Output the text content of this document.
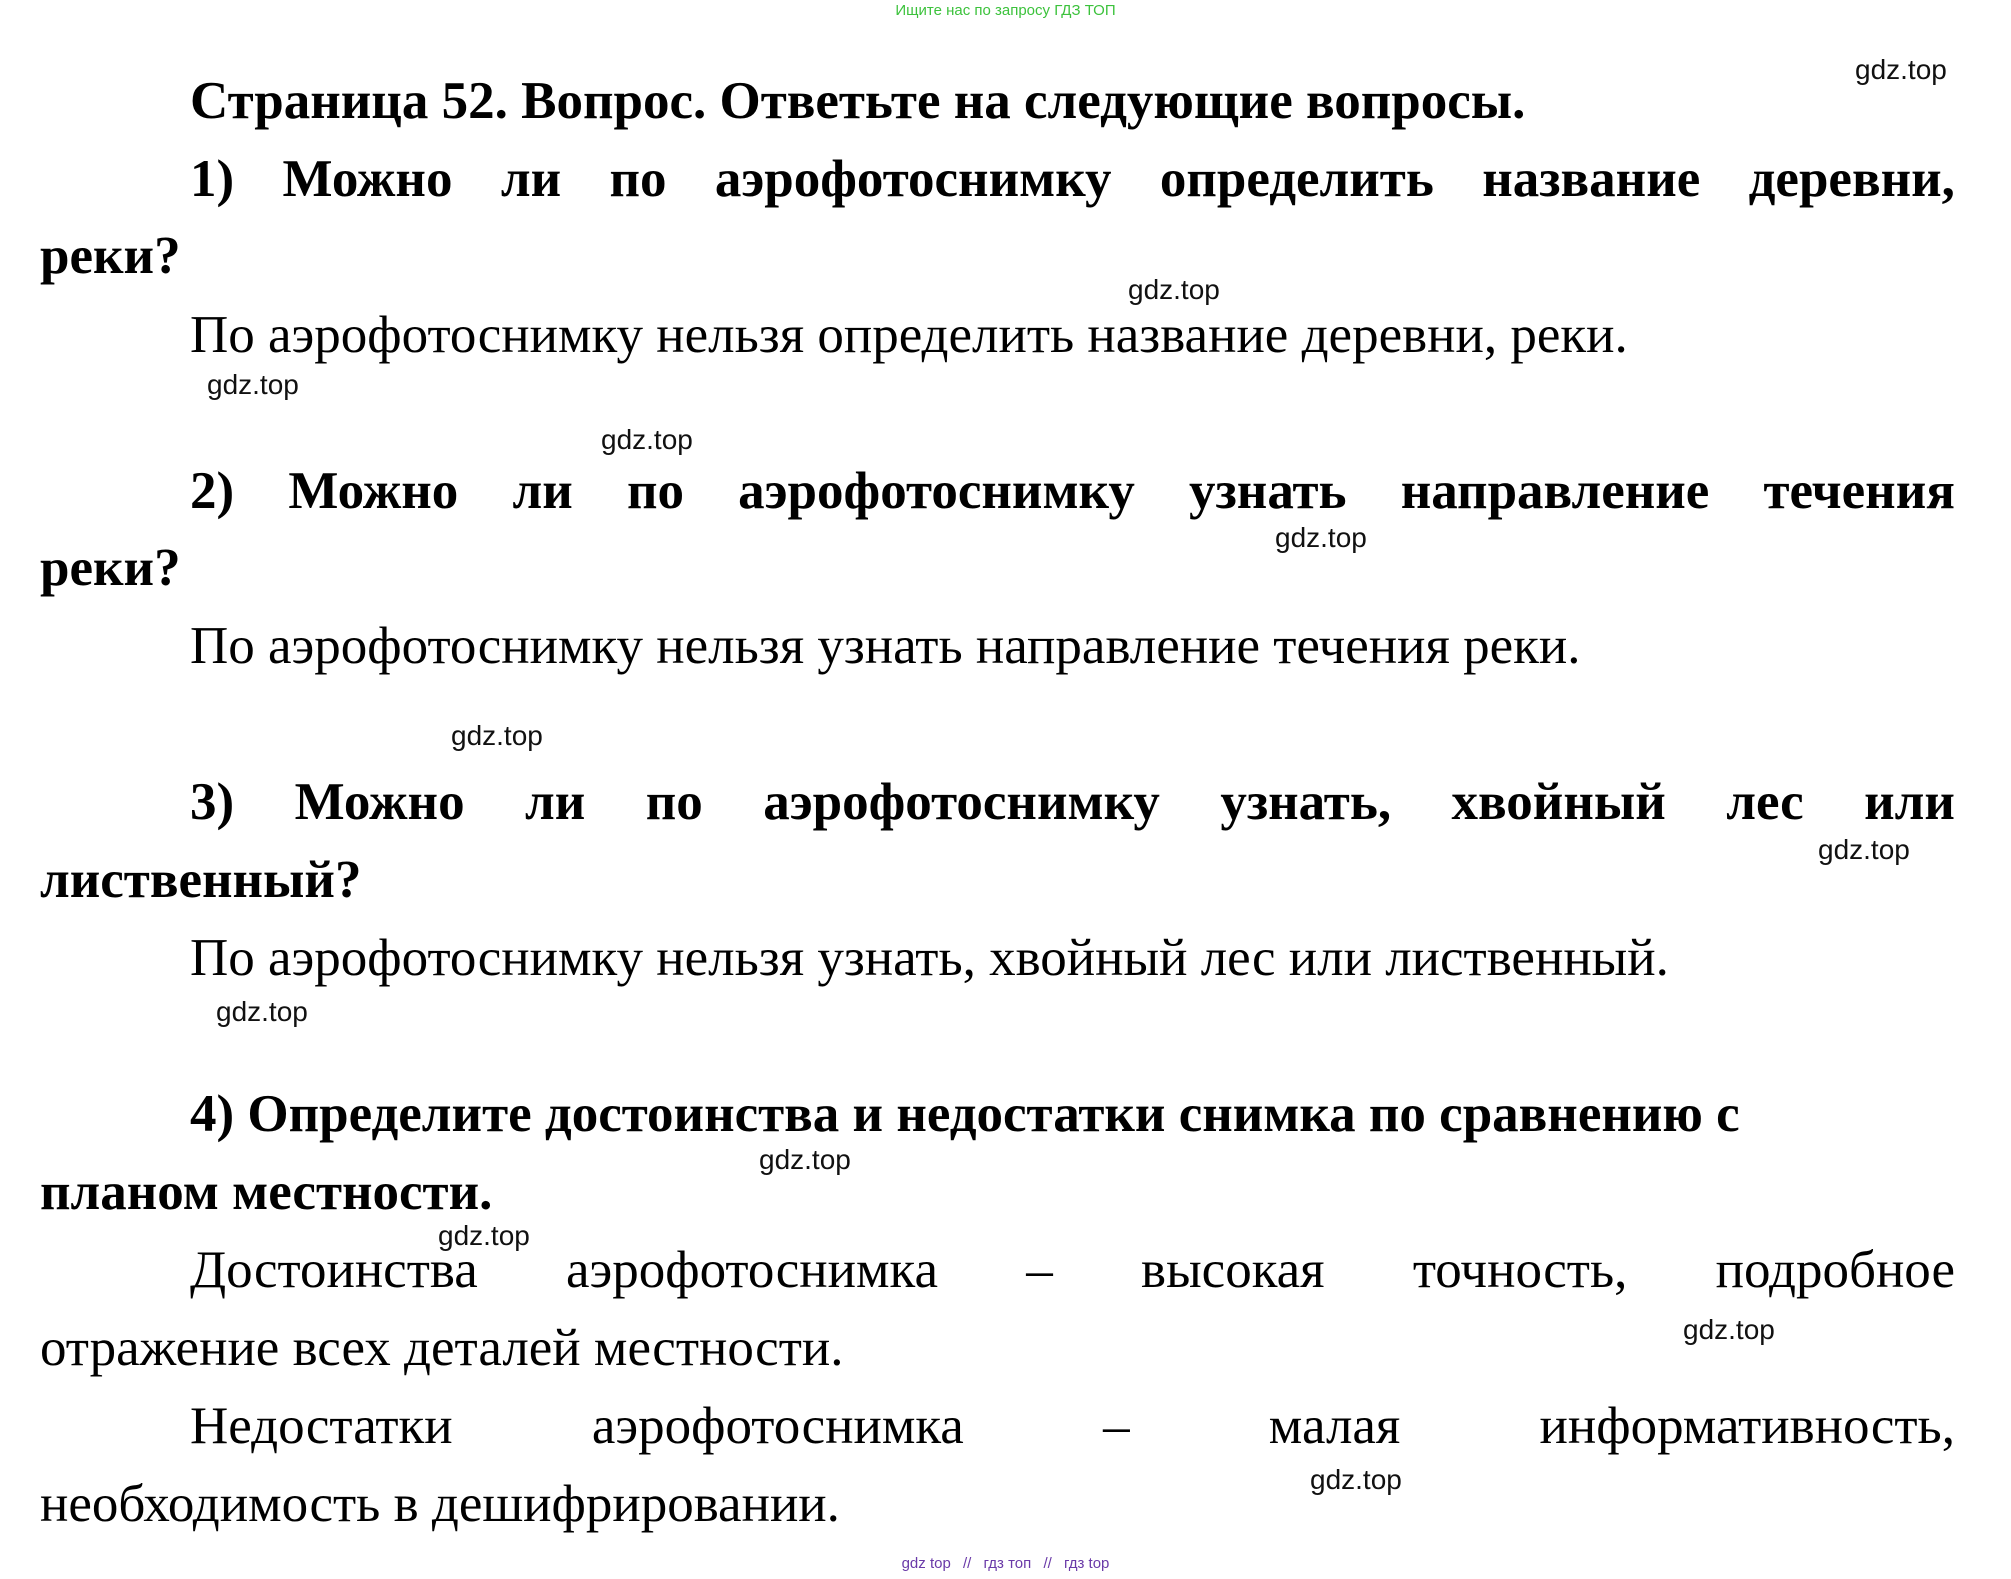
Ищите нас по запросу ГДЗ ТОП
Страница 52. Вопрос. Ответьте на следующие вопросы.
1) Можно ли по аэрофотоснимку определить название деревни,
реки?
По аэрофотоснимку нельзя определить название деревни, реки.
2) Можно ли по аэрофотоснимку узнать направление течения
реки?
По аэрофотоснимку нельзя узнать направление течения реки.
3) Можно ли по аэрофотоснимку узнать, хвойный лес или
лиственный?
По аэрофотоснимку нельзя узнать, хвойный лес или лиственный.
4) Определите достоинства и недостатки снимка по сравнению с
планом местности.
Достоинства аэрофотоснимка – высокая точность, подробное
отражение всех деталей местности.
Недостатки	аэрофотоснимка	–	малая	информативность,
необходимость в дешифрировании.
gdz.top
gdz.top
gdz.top
gdz.top
gdz.top
gdz.top
gdz.top
gdz.top
gdz.top
gdz.top
gdz.top
gdz.top
gdz top // гдз топ // гдз top
